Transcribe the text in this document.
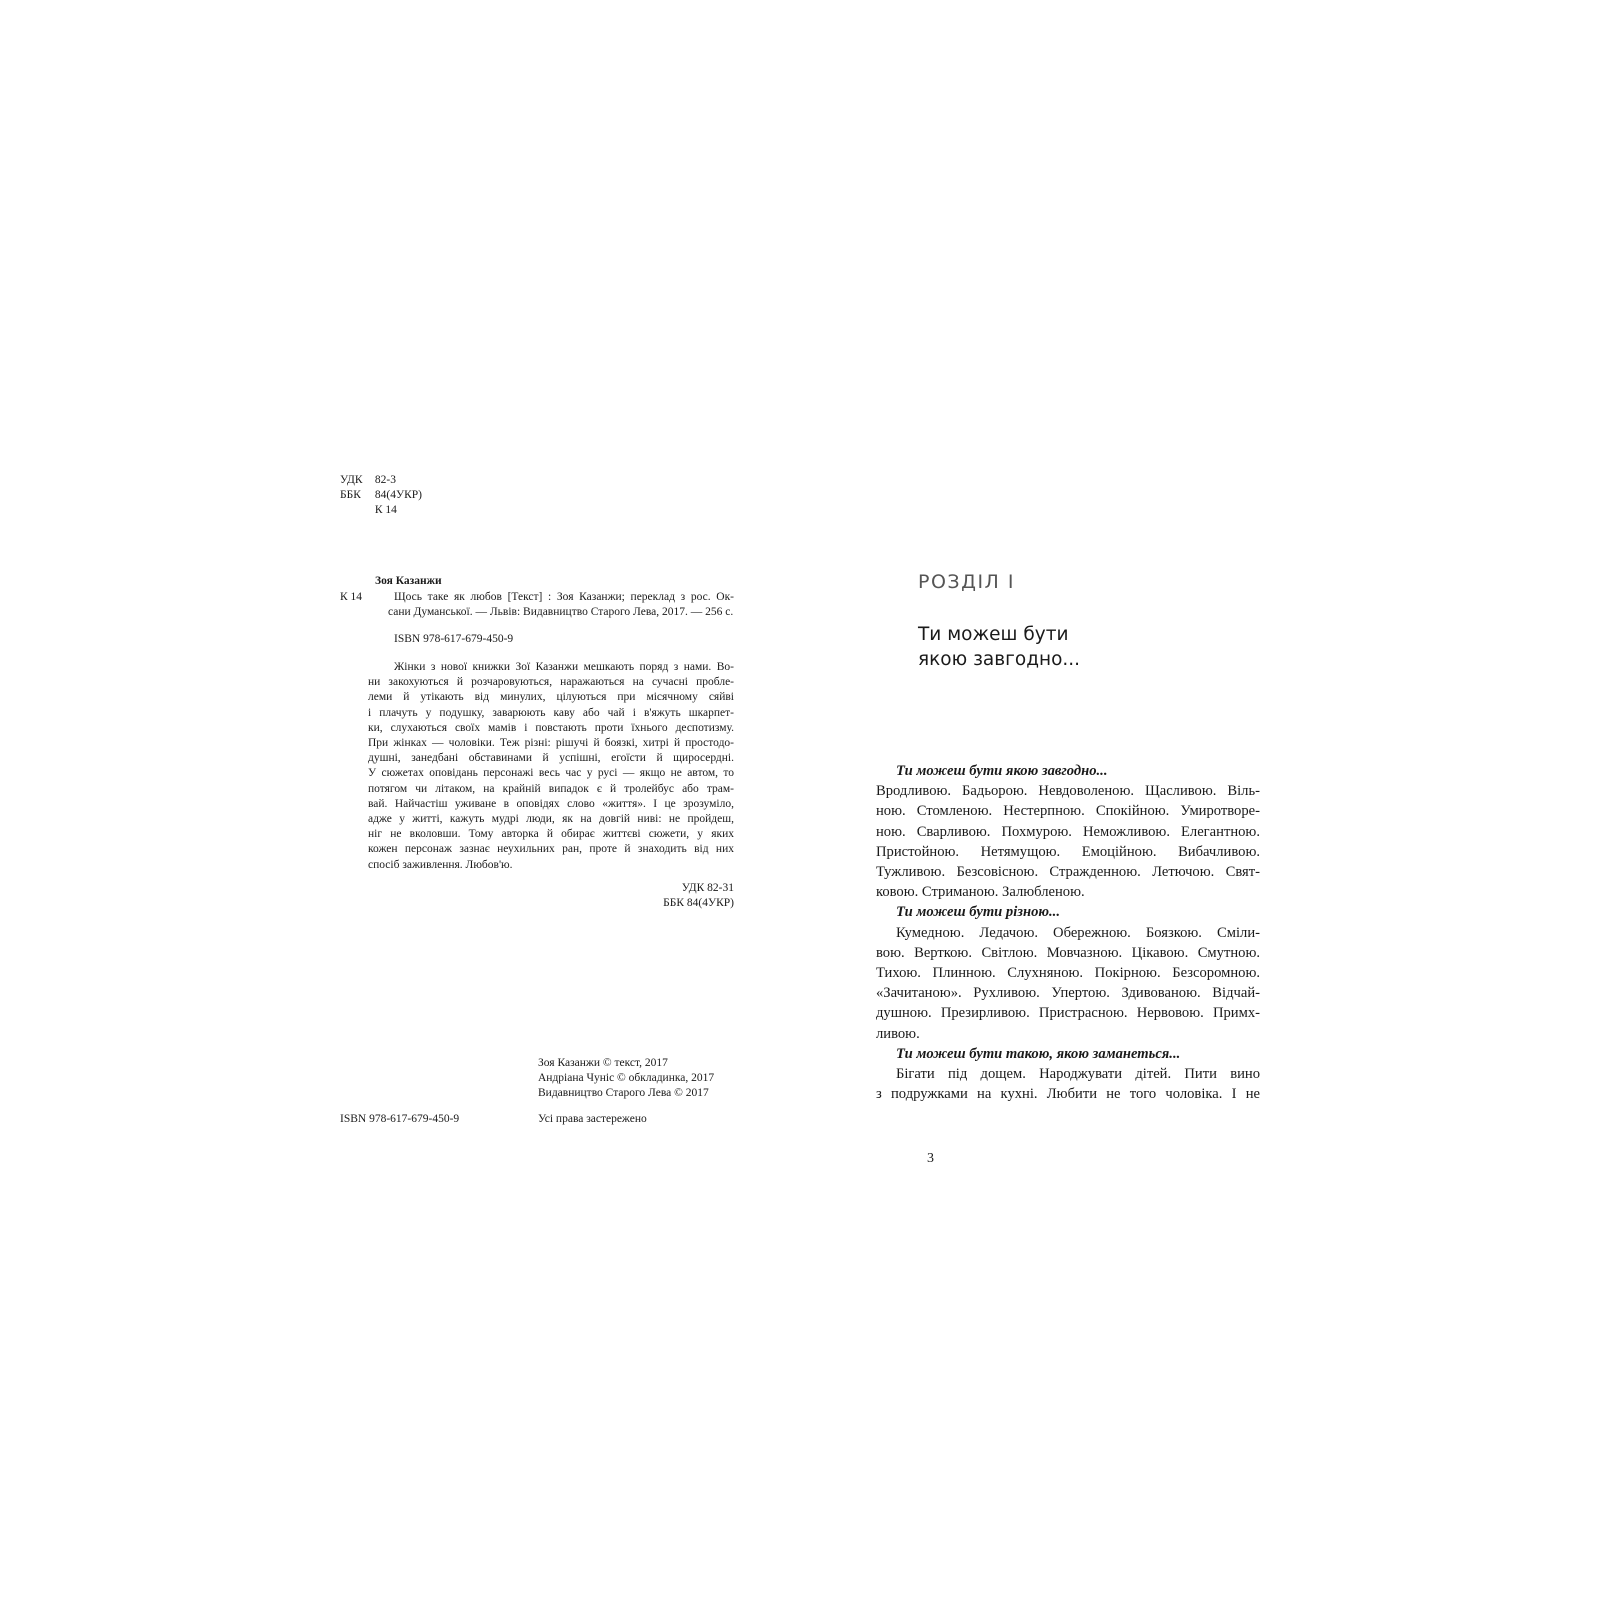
УДК 82-3
ББК 84(4УКР)
К 14
Зоя Казанжи
К 14	Щось таке як любов [Текст] : Зоя Казанжи; переклад з рос. Ок-

сани Думанської. — Львів: Видавництво Старого Лева, 2017. — 256 с.

ISBN 978-617-679-450-9

Жінки з нової книжки Зої Казанжи мешкають поряд з нами. Во-

ни закохуються й розчаровуються, наражаються на сучасні пробле-

леми й утікають від минулих, цілуються при місячному сяйві

і плачуть у подушку, заварюють каву або чай і в'яжуть шкарпет-

ки, слухаються своїх мамів і повстають проти їхнього деспотизму.

При жінках — чоловіки. Теж різні: рішучі й боязкі, хитрі й простодо-

душні, занедбані обставинами й успішні, егоїсти й щиросердні.

У сюжетах оповідань персонажі весь час у русі — якщо не автом, то

потягом чи літаком, на крайній випадок є й тролейбус або трам-

вай. Найчастіш уживане в оповідях слово «життя». І це зрозуміло,

адже у житті, кажуть мудрі люди, як на довгій ниві: не пройдеш,

ніг не вколовши. Тому авторка й обирає життєві сюжети, у яких

кожен персонаж зазнає неухильних ран, проте й знаходить від них

спосіб заживлення. Любов'ю.

УДК 82-31
ББК 84(4УКР)
Зоя Казанжи © текст, 2017
Андріана Чуніс © обкладинка, 2017
Видавництво Старого Лева © 2017
ISBN 978-617-679-450-9	Усі права застережено
РОЗДІЛ І
Ти можеш бути
якою завгодно...

Ти можеш бути якою завгодно...

Вродливою. Бадьорою. Невдоволеною. Щасливою. Віль-

ною. Стомленою. Нестерпною. Спокійною. Умиротворе-

ною. Сварливою. Похмурою. Неможливою. Елегантною.

Пристойною. Нетямущою. Емоційною. Вибачливою.

Тужливою. Безсовісною. Стражденною. Летючою. Свят-

ковою. Стриманою. Залюбленою.

Ти можеш бути різною...

Кумедною. Ледачою. Обережною. Боязкою. Сміли-

вою. Верткою. Світлою. Мовчазною. Цікавою. Смутною.

Тихою. Плинною. Слухняною. Покірною. Безсоромною.

«Зачитаною». Рухливою. Упертою. Здивованою. Відчай-

душною. Презирливою. Пристрасною. Нервовою. Примх-

ливою.

Ти можеш бути такою, якою заманеться...

Бігати під дощем. Народжувати дітей. Пити вино

з подружками на кухні. Любити не того чоловіка. І не

3
